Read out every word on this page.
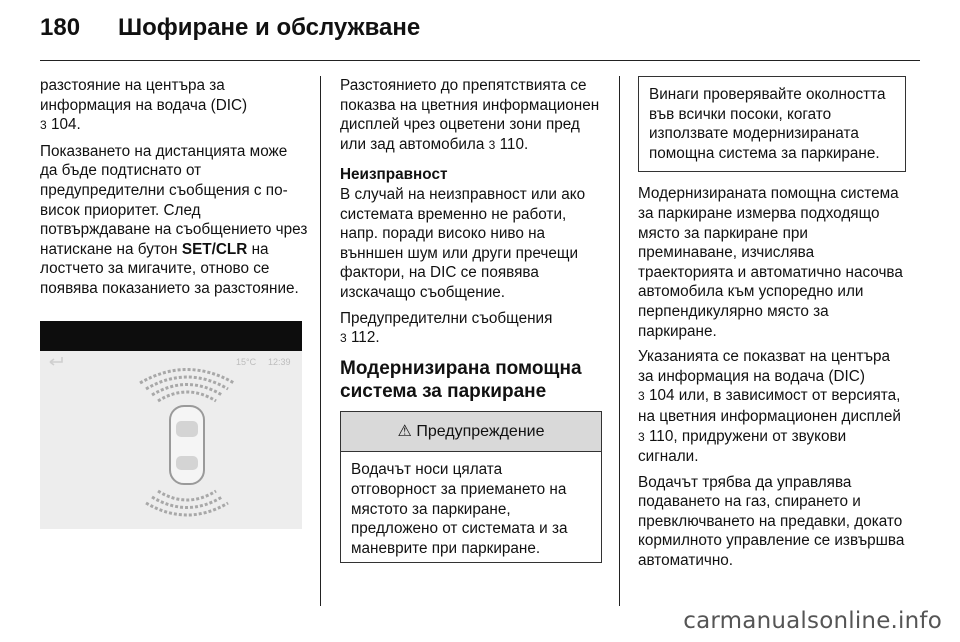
180 Шофиране и обслужване

разстояние на центъра за информация на водача (DIC)
3 104.

Показването на дистанцията може да бъде подтиснато от предупредителни съобщения с по-висок приоритет. След потвърждаване на съобщението чрез натискане на бутон SET/CLR на лостчето за мигачите, отново се появява показанието за разстояние.

15°C 12:39

Разстоянието до препятствията се показва на цветния информационен дисплей чрез оцветени зони пред или зад автомобила 3 110.

Неизправност

В случай на неизправност или ако системата временно не работи, напр. поради високо ниво на вънншен шум или други пречещи фактори, на DIC се появява изскачащо съобщение.

Предупредителни съобщения
3 112.

Модернизирана помощна система за паркиране
⚠ Предупреждение
Водачът носи цялата отговорност за приемането на мястото за паркиране, предложено от системата и за маневрите при паркиране.
Винаги проверявайте околността във всички посоки, когато използвате модернизираната помощна система за паркиране.

Модернизираната помощна система за паркиране измерва подходящо място за паркиране при преминаване, изчислява траекторията и автоматично насочва автомобила към успоредно или перпендикулярно място за паркиране.

Указанията се показват на центъра за информация на водача (DIC)
3 104 или, в зависимост от версията, на цветния информационен дисплей 3 110, придружени от звукови сигнали.

Водачът трябва да управлява подаването на газ, спирането и превключването на предавки, докато кормилното управление се извършва автоматично.

carmanualsonline.info
